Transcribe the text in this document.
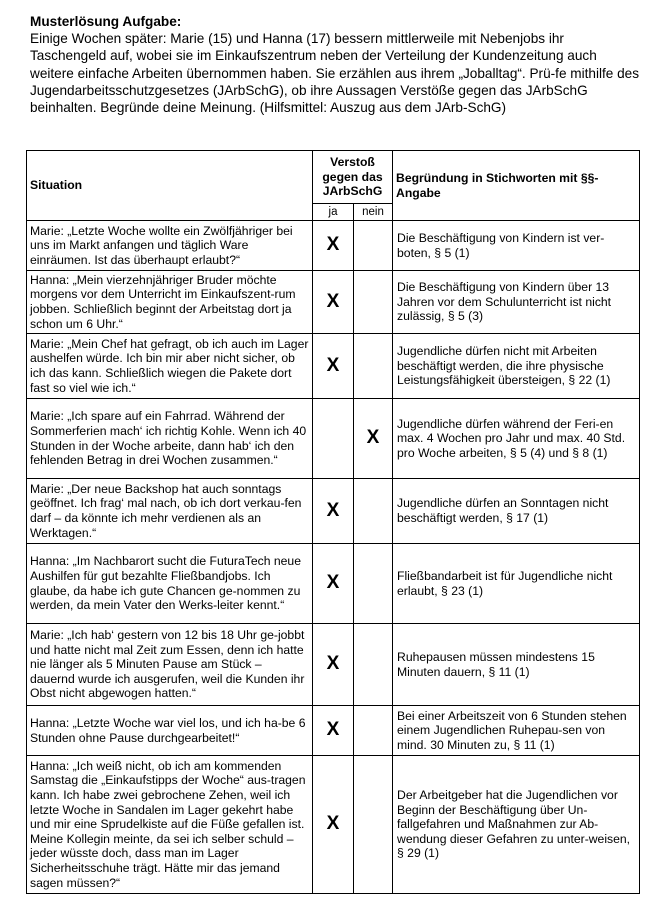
Musterlösung Aufgabe:
Einige Wochen später: Marie (15) und Hanna (17) bessern mittlerweile mit Nebenjobs ihr Taschengeld auf, wobei sie im Einkaufszentrum neben der Verteilung der Kundenzeitung auch weitere einfache Arbeiten übernommen haben. Sie erzählen aus ihrem „Joballtag“. Prü-fe mithilfe des Jugendarbeitsschutzgesetzes (JArbSchG), ob ihre Aussagen Verstöße gegen das JArbSchG beinhalten. Begründe deine Meinung. (Hilfsmittel: Auszug aus dem JArb-SchG)
Situation	Verstoß gegen das JArbSchG		Begründung in Stichworten mit §§-Angabe
	ja	nein	
Marie: „Letzte Woche wollte ein Zwölfjähriger bei uns im Markt anfangen und täglich Ware einräumen. Ist das überhaupt erlaubt?“	X		Die Beschäftigung von Kindern ist ver-boten, § 5 (1)
Hanna: „Mein vierzehnjähriger Bruder möchte morgens vor dem Unterricht im Einkaufszent-rum jobben. Schließlich beginnt der Arbeitstag dort ja schon um 6 Uhr.“	X		Die Beschäftigung von Kindern über 13 Jahren vor dem Schulunterricht ist nicht zulässig, § 5 (3)
Marie: „Mein Chef hat gefragt, ob ich auch im Lager aushelfen würde. Ich bin mir aber nicht sicher, ob ich das kann. Schließlich wiegen die Pakete dort fast so viel wie ich.“	X		Jugendliche dürfen nicht mit Arbeiten beschäftigt werden, die ihre physische Leistungsfähigkeit übersteigen, § 22 (1)
Marie: „Ich spare auf ein Fahrrad. Während der Sommerferien mach‘ ich richtig Kohle. Wenn ich 40 Stunden in der Woche arbeite, dann hab‘ ich den fehlenden Betrag in drei Wochen zusammen.“		X	Jugendliche dürfen während der Feri-en max. 4 Wochen pro Jahr und max. 40 Std. pro Woche arbeiten, § 5 (4) und § 8 (1)
Marie: „Der neue Backshop hat auch sonntags geöffnet. Ich frag‘ mal nach, ob ich dort verkau-fen darf – da könnte ich mehr verdienen als an Werktagen.“	X		Jugendliche dürfen an Sonntagen nicht beschäftigt werden, § 17 (1)
Hanna: „Im Nachbarort sucht die FuturaTech neue Aushilfen für gut bezahlte Fließbandjobs. Ich glaube, da habe ich gute Chancen ge-nommen zu werden, da mein Vater den Werks-leiter kennt.“	X		Fließbandarbeit ist für Jugendliche nicht erlaubt, § 23 (1)
Marie: „Ich hab‘ gestern von 12 bis 18 Uhr ge-jobbt und hatte nicht mal Zeit zum Essen, denn ich hatte nie länger als 5 Minuten Pause am Stück – dauernd wurde ich ausgerufen, weil die Kunden ihr Obst nicht abgewogen hatten.“	X		Ruhepausen müssen mindestens 15 Minuten dauern, § 11 (1)
Hanna: „Letzte Woche war viel los, und ich ha-be 6 Stunden ohne Pause durchgearbeitet!“	X		Bei einer Arbeitszeit von 6 Stunden stehen einem Jugendlichen Ruhepau-sen von mind. 30 Minuten zu, § 11 (1)
Hanna: „Ich weiß nicht, ob ich am kommenden Samstag die „Einkaufstipps der Woche“ aus-tragen kann. Ich habe zwei gebrochene Zehen, weil ich letzte Woche in Sandalen im Lager gekehrt habe und mir eine Sprudelkiste auf die Füße gefallen ist. Meine Kollegin meinte, da sei ich selber schuld – jeder wüsste doch, dass man im Lager Sicherheitsschuhe trägt. Hätte mir das jemand sagen müssen?“	X		Der Arbeitgeber hat die Jugendlichen vor Beginn der Beschäftigung über Un-fallgefahren und Maßnahmen zur Ab-wendung dieser Gefahren zu unter-weisen, § 29 (1)
